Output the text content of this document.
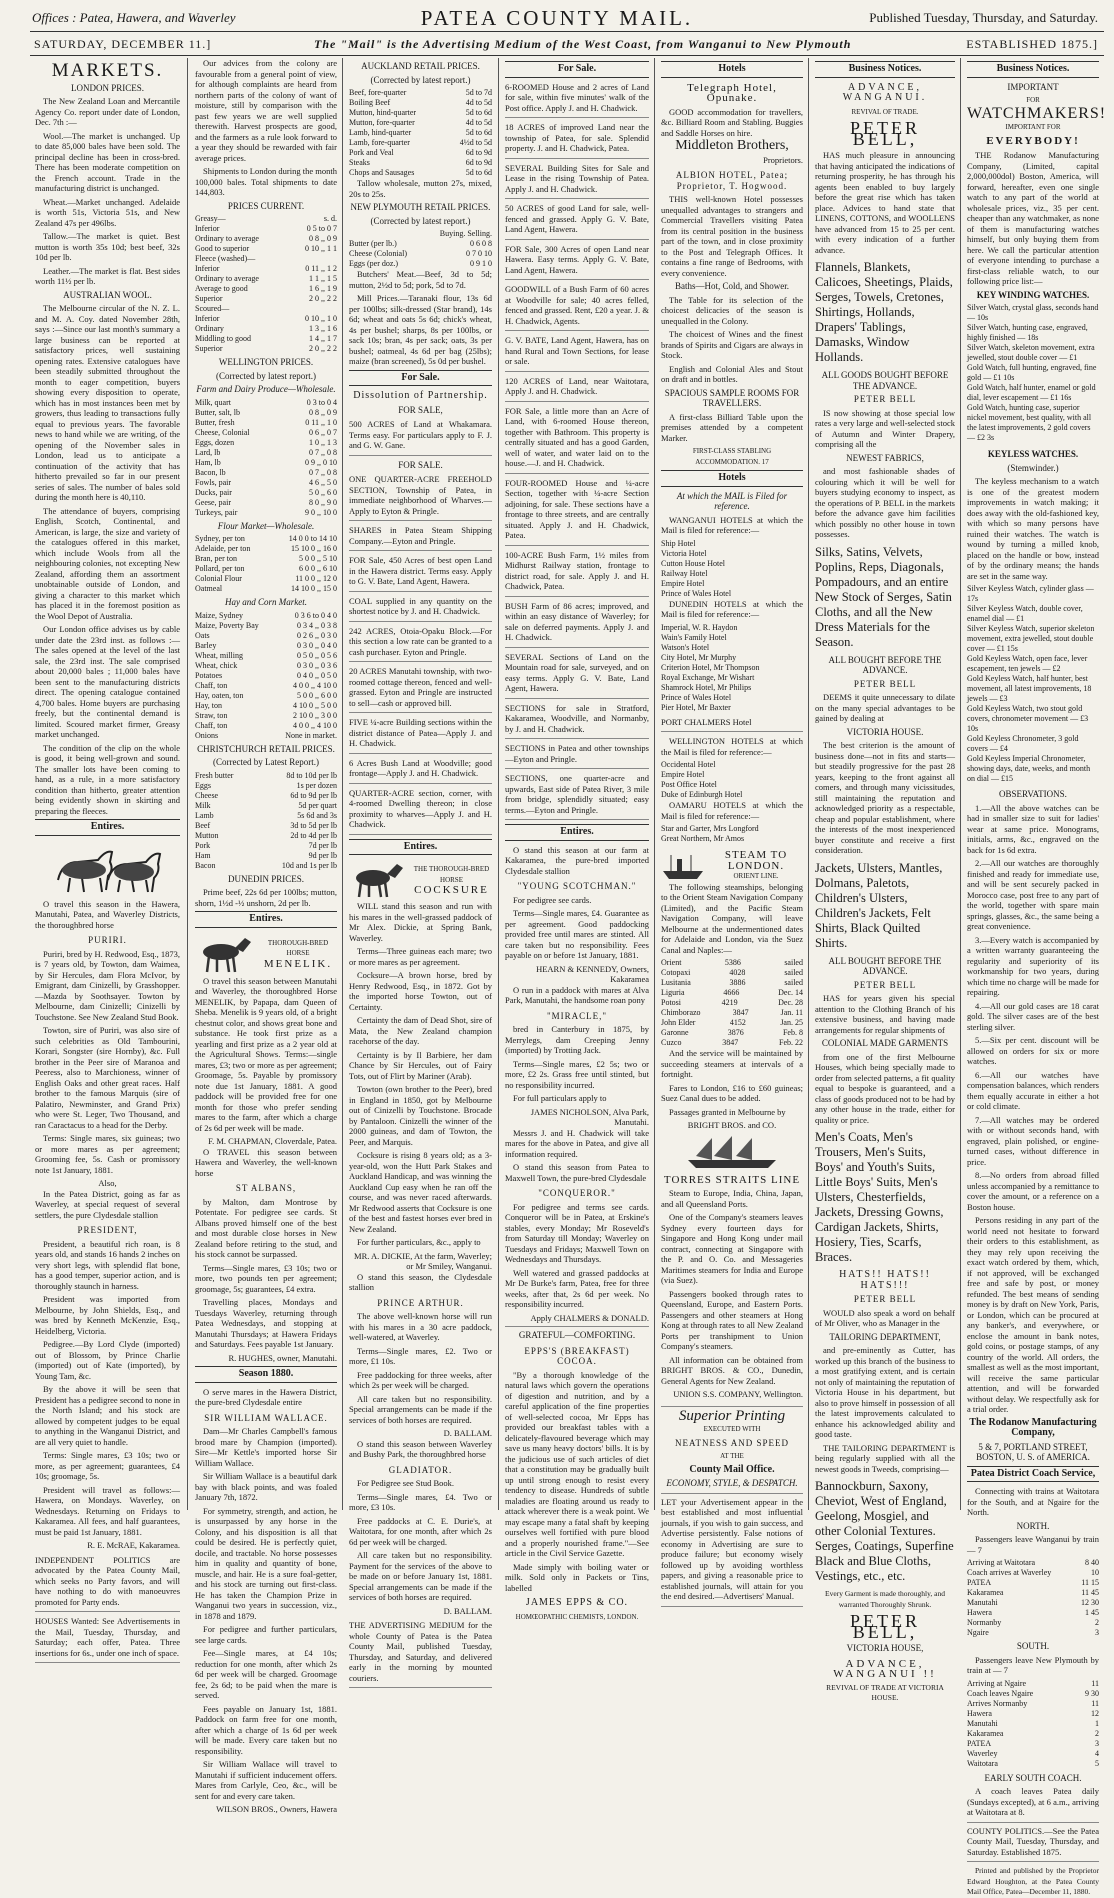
Offices : Patea, Hawera, and Waverley	PATEA COUNTY MAIL.	Published Tuesday, Thursday, and Saturday.
SATURDAY, DECEMBER 11.]	The "Mail" is the Advertising Medium of the West Coast, from Wanganui to New Plymouth	ESTABLISHED 1875.]
MARKETS.
LONDON PRICES.

The New Zealand Loan and Mercantile Agency Co. report under date of London, Dec. 7th :—

Wool.—The market is unchanged. Up to date 85,000 bales have been sold. The principal decline has been in cross-bred. There has been moderate competition on the French account. Trade in the manufacturing district is unchanged.

Wheat.—Market unchanged. Adelaide is worth 51s, Victoria 51s, and New Zealand 47s per 496lbs.

Tallow.—The market is quiet. Best mutton is worth 35s 10d; best beef, 32s 10d per lb.

Leather.—The market is flat. Best sides worth 11½ per lb.

AUSTRALIAN WOOL.

The Melbourne circular of the N. Z. L. and M. A. Coy. dated November 28th, says :—Since our last month's summary a large business can be reported at satisfactory prices, well sustaining opening rates. Extensive catalogues have been steadily submitted throughout the month to eager competition, buyers showing every disposition to operate, which has in most instances been met by growers, thus leading to transactions fully equal to previous years. The favorable news to hand while we are writing, of the opening of the November sales in London, lead us to anticipate a continuation of the activity that has hitherto prevailed so far in our present series of sales. The number of bales sold during the month here is 40,110.

The attendance of buyers, comprising English, Scotch, Continental, and American, is large, the size and variety of the catalogues offered in this market, which include Wools from all the neighbouring colonies, not excepting New Zealand, affording them an assortment unobtainable outside of London, and giving a character to this market which has placed it in the foremost position as the Wool Depot of Australia.

Our London office advises us by cable under date the 23rd inst. as follows :— The sales opened at the level of the last sale, the 23rd inst. The sale comprised about 20,000 bales ; 11,000 bales have been sent to the manufacturing districts direct. The opening catalogue contained 4,700 bales. Home buyers are purchasing freely, but the continental demand is limited. Scoured market firmer, Greasy market unchanged.

The condition of the clip on the whole is good, it being well-grown and sound. The smaller lots have been coming to hand, as a rule, in a more satisfactory condition than hitherto, greater attention being evidently shown in skirting and preparing the fleeces.

Entires.

O travel this season in the Hawera, Manutahi, Patea, and Waverley Districts, the thoroughbred horse

PURIRI.

Puriri, bred by H. Redwood, Esq., 1873, is 7 years old, by Towton, dam Waimea, by Sir Hercules, dam Flora McIvor, by Emigrant, dam Cinizelli, by Grasshopper. —Mazda by Soothsayer. Towton by Melbourne, dam Cinizelli; Cinizelli by Touchstone. See New Zealand Stud Book.

Towton, sire of Puriri, was also sire of such celebrities as Old Tambourini, Korari, Songster (sire Hornby), &c. Full brother in the Peer sire of Maranoa and Peeress, also to Marchioness, winner of English Oaks and other great races. Half brother to the famous Marquis (sire of Palatiro, Newminster, and Grand Prix) who were St. Leger, Two Thousand, and ran Caractacus to a head for the Derby.

Terms: Single mares, six guineas; two or more mares as per agreement; Grooming fee, 5s. Cash or promissory note 1st January, 1881.

Also,

In the Patea District, going as far as Waverley, at special request of several settlers, the pure Clydesdale stallion

PRESIDENT,

President, a beautiful rich roan, is 8 years old, and stands 16 hands 2 inches on very short legs, with splendid flat bone, has a good temper, superior action, and is thoroughly staunch in harness.

President was imported from Melbourne, by John Shields, Esq., and was bred by Kenneth McKenzie, Esq., Heidelberg, Victoria.

Pedigree.—By Lord Clyde (imported) out of Blossom, by Prince Charlie (imported) out of Kate (imported), by Young Tam, &c.

By the above it will be seen that President has a pedigree second to none in the North Island; and his stock are allowed by competent judges to be equal to anything in the Wanganui District, and are all very quiet to handle.

Terms: Single mares, £3 10s; two or more, as per agreement; guarantees, £4 10s; groomage, 5s.

President will travel as follows:— Hawera, on Mondays. Waverley, on Wednesdays. Returning on Fridays to Kakaramea. All fees, and half guarantees, must be paid 1st January, 1881.

R. E. McRAE, Kakaramea.
INDEPENDENT POLITICS are advocated by the Patea County Mail, which seeks no Party favors, and will have nothing to do with manoeuvres promoted for Party ends.
HOUSES Wanted: See Advertisements in the Mail, Tuesday, Thursday, and Saturday; each offer, Patea. Three insertions for 6s., under one inch of space.

Our advices from the colony are favourable from a general point of view, for although complaints are heard from northern parts of the colony of want of moisture, still by comparison with the past few years we are well supplied therewith. Harvest prospects are good, and the farmers as a rule look forward to a year they should be rewarded with fair average prices.

Shipments to London during the month 100,000 bales. Total shipments to date 144,803.

PRICES CURRENT.
Greasy—	s. d.
Inferior	0 5 to 0 7
Ordinary to average	0 8 ,, 0 9
Good to superior	0 10 ,, 1 1
Fleece (washed)—
Inferior	0 11 ,, 1 2
Ordinary to average	1 1 ,, 1 5
Average to good	1 6 ,, 1 9
Superior	2 0 ,, 2 2
Scoured—
Inferior	0 10 ,, 1 0
Ordinary	1 3 ,, 1 6
Middling to good	1 4 ,, 1 7
Superior	2 0 ,, 2 2
WELLINGTON PRICES.
(Corrected by latest report.)
Farm and Dairy Produce—Wholesale.
Milk, quart	0 3 to 0 4
Butter, salt, lb	0 8 ,, 0 9
Butter, fresh	0 11 ,, 1 0
Cheese, Colonial	0 6 ,, 0 7
Eggs, dozen	1 0 ,, 1 3
Lard, lb	0 7 ,, 0 8
Ham, lb	0 9 ,, 0 10
Bacon, lb	0 7 ,, 0 8
Fowls, pair	4 6 ,, 5 0
Ducks, pair	5 0 ,, 6 0
Geese, pair	8 0 ,, 9 0
Turkeys, pair	9 0 ,, 10 0
Flour Market—Wholesale.
Sydney, per ton	14 0 0 to 14 10
Adelaide, per ton	15 10 0 ,, 16 0
Bran, per ton	5 0 0 ,, 5 10
Pollard, per ton	6 0 0 ,, 6 10
Colonial Flour	11 0 0 ,, 12 0
Oatmeal	14 10 0 ,, 15 0
Hay and Corn Market.
Maize, Sydney	0 3 6 to 0 4 0
Maize, Poverty Bay	0 3 4 ,, 0 3 8
Oats	0 2 6 ,, 0 3 0
Barley	0 3 0 ,, 0 4 0
Wheat, milling	0 5 0 ,, 0 5 6
Wheat, chick	0 3 0 ,, 0 3 6
Potatoes	0 4 0 ,, 0 5 0
Chaff, ton	4 0 0 ,, 4 10 0
Hay, oaten, ton	5 0 0 ,, 6 0 0
Hay, ton	4 10 0 ,, 5 0 0
Straw, ton	2 10 0 ,, 3 0 0
Chaff, ton	4 0 0 ,, 4 10 0
Onions	None in market.
CHRISTCHURCH RETAIL PRICES.
(Corrected by Latest Report.)
Fresh butter	8d to 10d per lb
Eggs	1s per dozen
Cheese	6d to 9d per lb
Milk	5d per quart
Lamb	5s 6d and 3s
Beef	3d to 5d per lb
Mutton	2d to 4d per lb
Pork	7d per lb
Ham	9d per lb
Bacon	10d and 1s per lb
DUNEDIN PRICES.

Prime beef, 22s 6d per 100lbs; mutton, shorn, 1½d -½ unshorn, 2d per lb.

Entires.
THOROUGH-BRED HORSE
MENELIK.

O travel this season between Manutahi and Waverley, the thoroughbred Horse MENELIK, by Papapa, dam Queen of Sheba. Menelik is 9 years old, of a bright chestnut color, and shows great bone and substance. He took first prize as a yearling and first prize as a 2 year old at the Agricultural Shows. Terms:—single mares, £3; two or more as per agreement; Groomage, 5s. Payable by promissory note due 1st January, 1881. A good paddock will be provided free for one month for those who prefer sending mares to the farm, after which a charge of 2s 6d per week will be made.

F. M. CHAPMAN, Cloverdale, Patea.

O TRAVEL this season between Hawera and Waverley, the well-known horse

ST ALBANS,

by Malton, dam Montrose by Potentate. For pedigree see cards. St Albans proved himself one of the best and most durable close horses in New Zealand before retiring to the stud, and his stock cannot be surpassed.

Terms—Single mares, £3 10s; two or more, two pounds ten per agreement; groomage, 5s; guarantees, £4 extra.

Travelling places, Mondays and Tuesdays Waverley, returning through Patea Wednesdays, and stopping at Manutahi Thursdays; at Hawera Fridays and Saturdays. Fees payable 1st January.

R. HUGHES, owner, Manutahi.
Season 1880.

O serve mares in the Hawera District, the pure-bred Clydesdale entire

SIR WILLIAM WALLACE.

Dam—Mr Charles Campbell's famous brood mare by Champion (imported). Sire—Mr Kettle's imported horse Sir William Wallace.

Sir William Wallace is a beautiful dark bay with black points, and was foaled January 7th, 1872.

For symmetry, strength, and action, he is unsurpassed by any horse in the Colony, and his disposition is all that could be desired. He is perfectly quiet, docile, and tractable. No horse possesses him in quality and quantity of bone, muscle, and hair. He is a sure foal-getter, and his stock are turning out first-class. He has taken the Champion Prize in Wanganui two years in succession, viz., in 1878 and 1879.

For pedigree and further particulars, see large cards.

Fee—Single mares, at £4 10s; reduction for one month, after which 2s 6d per week will be charged. Groomage fee, 2s 6d; to be paid when the mare is served.

Fees payable on January 1st, 1881. Paddock on farm free for one month, after which a charge of 1s 6d per week will be made. Every care taken but no responsibility.

Sir William Wallace will travel to Manutahi if sufficient inducement offers. Mares from Carlyle, Ceo, &c., will be sent for and every care taken.

WILSON BROS., Owners, Hawera
AUCKLAND RETAIL PRICES.
(Corrected by latest report.)
Beef, fore-quarter	5d to 7d
Boiling Beef	4d to 5d
Mutton, hind-quarter	5d to 6d
Mutton, fore-quarter	4d to 5d
Lamb, hind-quarter	5d to 6d
Lamb, fore-quarter	4½d to 5d
Pork and Veal	6d to 9d
Steaks	6d to 9d
Chops and Sausages	5d to 6d

Tallow wholesale, mutton 27s, mixed, 20s to 25s.

NEW PLYMOUTH RETAIL PRICES.
(Corrected by latest report.)
Buying. Selling.
Butter (per lb.)	0 6 0 8
Cheese (Colonial)	0 7 0 10
Eggs (per doz.)	0 9 1 0

Butchers' Meat.—Beef, 3d to 5d; mutton, 2½d to 5d; pork, 5d to 7d.

Mill Prices.—Taranaki flour, 13s 6d per 100lbs; silk-dressed (Star brand), 14s 6d; wheat and oats 5s 6d; chick's wheat, 4s per bushel; sharps, 8s per 100lbs, or sack 10s; bran, 4s per sack; oats, 3s per bushel; oatmeal, 4s 6d per bag (25lbs); maize (bran screened), 5s 0d per bushel.

For Sale.
Dissolution of Partnership.
FOR SALE,
500 ACRES of Land at Whakamara. Terms easy. For particulars apply to F. J. and G. W. Gane.
FOR SALE.
ONE QUARTER-ACRE FREEHOLD SECTION, Township of Patea, in immediate neighborhood of Wharves.—Apply to Eyton & Pringle.
SHARES in Patea Steam Shipping Company.—Eyton and Pringle.
FOR Sale, 450 Acres of best open Land in the Hawera district. Terms easy. Apply to G. V. Bate, Land Agent, Hawera.
COAL supplied in any quantity on the shortest notice by J. and H. Chadwick.
242 ACRES, Otoia-Opaku Block.—For this section a low rate can be granted to a cash purchaser. Eyton and Pringle.
20 ACRES Manutahi township, with two-roomed cottage thereon, fenced and well-grassed. Eyton and Pringle are instructed to sell—cash or approved bill.
FIVE ¼-acre Building sections within the district distance of Patea—Apply J. and H. Chadwick.
6 Acres Bush Land at Woodville; good frontage—Apply J. and H. Chadwick.
QUARTER-ACRE section, corner, with 4-roomed Dwelling thereon; in close proximity to wharves—Apply J. and H. Chadwick.
Entires.
THE THOROUGH-BRED HORSE
COCKSURE

WILL stand this season and run with his mares in the well-grassed paddock of Mr Alex. Dickie, at Spring Bank, Waverley.

Terms—Three guineas each mare; two or more mares as per agreement.

Cocksure—A brown horse, bred by Henry Redwood, Esq., in 1872. Got by the imported horse Towton, out of Certainty.

Certainty the dam of Dead Shot, sire of Mata, the New Zealand champion racehorse of the day.

Certainty is by Il Barbiere, her dam Chance by Sir Hercules, out of Fairy Tots, out of Flirt by Mariner (Arab).

Towton (own brother to the Peer), bred in England in 1850, got by Melbourne out of Cinizelli by Touchstone. Brocade by Pantaloon. Cinizelli the winner of the 2000 guineas, and dam of Towton, the Peer, and Marquis.

Cocksure is rising 8 years old; as a 3-year-old, won the Hutt Park Stakes and Auckland Handicap, and was winning the Auckland Cup easy when he ran off the course, and was never raced afterwards. Mr Redwood asserts that Cocksure is one of the best and fastest horses ever bred in New Zealand.

For further particulars, &c., apply to

MR. A. DICKIE, At the farm, Waverley; or Mr Smiley, Wanganui.

O stand this season, the Clydesdale stallion

PRINCE ARTHUR.

The above well-known horse will run with his mares in a 30 acre paddock, well-watered, at Waverley.

Terms—Single mares, £2. Two or more, £1 10s.

Free paddocking for three weeks, after which 2s per week will be charged.

All care taken but no responsibility. Special arrangements can be made if the services of both horses are required.

D. BALLAM.

O stand this season between Waverley and Bushy Park, the thoroughbred horse

GLADIATOR.

For Pedigree see Stud Book.

Terms—Single mares, £4. Two or more, £3 10s.

Free paddocks at C. E. Durie's, at Waitotara, for one month, after which 2s 6d per week will be charged.

All care taken but no responsibility. Payment for the services of the above to be made on or before January 1st, 1881. Special arrangements can be made if the services of both horses are required.

D. BALLAM.
THE ADVERTISING MEDIUM for the whole County of Patea is the Patea County Mail, published Tuesday, Thursday, and Saturday, and delivered early in the morning by mounted couriers.
For Sale.
6-ROOMED House and 2 acres of Land for sale, within five minutes' walk of the Post office. Apply J. and H. Chadwick.
18 ACRES of improved Land near the township of Patea, for sale. Splendid property. J. and H. Chadwick, Patea.
SEVERAL Building Sites for Sale and Lease in the rising Township of Patea. Apply J. and H. Chadwick.
50 ACRES of good Land for sale, well-fenced and grassed. Apply G. V. Bate, Land Agent, Hawera.
FOR Sale, 300 Acres of open Land near Hawera. Easy terms. Apply G. V. Bate, Land Agent, Hawera.
GOODWILL of a Bush Farm of 60 acres at Woodville for sale; 40 acres felled, fenced and grassed. Rent, £20 a year. J. & H. Chadwick, Agents.
G. V. BATE, Land Agent, Hawera, has on hand Rural and Town Sections, for lease or sale.
120 ACRES of Land, near Waitotara, Apply J. and H. Chadwick.
FOR Sale, a little more than an Acre of Land, with 6-roomed House thereon, together with Bathroom. This property is centrally situated and has a good Garden, well of water, and water laid on to the house.—J. and H. Chadwick.
FOUR-ROOMED House and ¼-acre Section, together with ¼-acre Section adjoining, for sale. These sections have a frontage to three streets, and are centrally situated. Apply J. and H. Chadwick, Patea.
100-ACRE Bush Farm, 1½ miles from Midhurst Railway station, frontage to district road, for sale. Apply J. and H. Chadwick, Patea.
BUSH Farm of 86 acres; improved, and within an easy distance of Waverley; for sale on deferred payments. Apply J. and H. Chadwick.
SEVERAL Sections of Land on the Mountain road for sale, surveyed, and on easy terms. Apply G. V. Bate, Land Agent, Hawera.
SECTIONS for sale in Stratford, Kakaramea, Woodville, and Normanby, by J. and H. Chadwick.
SECTIONS in Patea and other townships—Eyton and Pringle.
SECTIONS, one quarter-acre and upwards, East side of Patea River, 3 mile from bridge, splendidly situated; easy terms.—Eyton and Pringle.
Entires.

O stand this season at our farm at Kakaramea, the pure-bred imported Clydesdale stallion

"YOUNG SCOTCHMAN."

For pedigree see cards.

Terms—Single mares, £4. Guarantee as per agreement. Good paddocking provided free until mares are stinted. All care taken but no responsibility. Fees payable on or before 1st January, 1881.

HEARN & KENNEDY, Owners, Kakaramea

O run in a paddock with mares at Alva Park, Manutahi, the handsome roan pony

"MIRACLE,"

bred in Canterbury in 1875, by Merrylegs, dam Creeping Jenny (imported) by Trotting Jack.

Terms—Single mares, £2 5s; two or more, £2 2s. Grass free until stinted, but no responsibility incurred.

For full particulars apply to

JAMES NICHOLSON, Alva Park, Manutahi.

Messrs J. and H. Chadwick will take mares for the above in Patea, and give all information required.

O stand this season from Patea to Maxwell Town, the pure-bred Clydesdale

"CONQUEROR."

For pedigree and terms see cards. Conqueror will be in Patea, at Erskine's stables, every Monday; Mr Roseveld's from Saturday till Monday; Waverley on Tuesdays and Fridays; Maxwell Town on Wednesdays and Thursdays.

Well watered and grassed paddocks at Mr De Burke's farm, Patea, free for three weeks, after that, 2s 6d per week. No responsibility incurred.

Apply CHALMERS & DONALD.
GRATEFUL—COMFORTING.
EPPS'S (BREAKFAST) COCOA.

"By a thorough knowledge of the natural laws which govern the operations of digestion and nutrition, and by a careful application of the fine properties of well-selected cocoa, Mr Epps has provided our breakfast tables with a delicately-flavoured beverage which may save us many heavy doctors' bills. It is by the judicious use of such articles of diet that a constitution may be gradually built up until strong enough to resist every tendency to disease. Hundreds of subtle maladies are floating around us ready to attack wherever there is a weak point. We may escape many a fatal shaft by keeping ourselves well fortified with pure blood and a properly nourished frame."—See article in the Civil Service Gazette.

Made simply with boiling water or milk. Sold only in Packets or Tins, labelled

JAMES EPPS & CO.
HOMŒOPATHIC CHEMISTS, LONDON.
Hotels
Telegraph Hotel, Opunake.

GOOD accommodation for travellers, &c. Billiard Room and Stabling. Buggies and Saddle Horses on hire.

Middleton Brothers,
Proprietors.
ALBION HOTEL, Patea; Proprietor, T. Hogwood.

THIS well-known Hotel possesses unequalled advantages to strangers and Commercial Travellers visiting Patea from its central position in the business part of the town, and in close proximity to the Post and Telegraph Offices. It contains a fine range of Bedrooms, with every convenience.

Baths—Hot, Cold, and Shower.

The Table for its selection of the choicest delicacies of the season is unequalled in the Colony.

The choicest of Wines and the finest brands of Spirits and Cigars are always in Stock.

English and Colonial Ales and Stout on draft and in bottles.

SPACIOUS SAMPLE ROOMS FOR TRAVELLERS.

A first-class Billiard Table upon the premises attended by a competent Marker.

FIRST-CLASS STABLING ACCOMMODATION. 17
Hotels
At which the MAIL is Filed for reference.

WANGANUI HOTELS at which the Mail is filed for reference:—

Ship Hotel
Victoria Hotel
Cutton House Hotel
Railway Hotel
Empire Hotel
Prince of Wales Hotel

DUNEDIN HOTELS at which the Mail is filed for reference:—

Imperial, W. R. Haydon
Wain's Family Hotel
Watson's Hotel
City Hotel, Mr Murphy
Criterion Hotel, Mr Thompson
Royal Exchange, Mr Wishart
Shamrock Hotel, Mr Philips
Prince of Wales Hotel
Pier Hotel, Mr Baxter
PORT CHALMERS Hotel

WELLINGTON HOTELS at which the Mail is filed for reference:—

Occidental Hotel
Empire Hotel
Post Office Hotel
Duke of Edinburgh Hotel

OAMARU HOTELS at which the Mail is filed for reference:—

Star and Garter, Mrs Longford
Great Northern, Mr Amos
STEAM TO LONDON.
ORIENT LINE.

The following steamships, belonging to the Orient Steam Navigation Company (Limited), and the Pacific Steam Navigation Company, will leave Melbourne at the undermentioned dates for Adelaide and London, via the Suez Canal and Naples:—

Orient	5386	sailed
Cotopaxi	4028	sailed
Lusitania	3886	sailed
Liguria	4666	Dec. 14
Potosi	4219	Dec. 28
Chimborazo	3847	Jan. 11
John Elder	4152	Jan. 25
Garonne	3876	Feb. 8
Cuzco	3847	Feb. 22

And the service will be maintained by succeeding steamers at intervals of a fortnight.

Fares to London, £16 to £60 guineas; Suez Canal dues to be added.

Passages granted in Melbourne by

BRIGHT BROS. and CO.
TORRES STRAITS LINE

Steam to Europe, India, China, Japan, and all Queensland Ports.

One of the Company's steamers leaves Sydney every fourteen days for Singapore and Hong Kong under mail contract, connecting at Singapore with the P. and O. Co. and Messageries Maritimes steamers for India and Europe (via Suez).

Passengers booked through rates to Queensland, Europe, and Eastern Ports. Passengers and other steamers at Hong Kong at through rates to all New Zealand Ports per transhipment to Union Company's steamers.

All information can be obtained from BRIGHT BROS. & CO., Dunedin, General Agents for New Zealand.

UNION S.S. COMPANY, Wellington.
Superior Printing
EXECUTED WITH
NEATNESS AND SPEED
AT THE
County Mail Office.
ECONOMY, STYLE, & DESPATCH.
LET your Advertisement appear in the best established and most influential journals, if you wish to gain success, and Advertise persistently. False notions of economy in Advertising are sure to produce failure; but economy wisely followed up by avoiding worthless papers, and giving a reasonable price to established journals, will attain for you the end desired.—Advertisers' Manual.
Business Notices.
ADVANCE, WANGANUI.
REVIVAL OF TRADE.
PETER BELL,

HAS much pleasure in announcing that having anticipated the indications of returning prosperity, he has through his agents been enabled to buy largely before the great rise which has taken place. Advices to hand state that LINENS, COTTONS, and WOOLLENS have advanced from 15 to 25 per cent. with every indication of a further advance.

Flannels, Blankets, Calicoes, Sheetings, Plaids, Serges, Towels, Cretones, Shirtings, Hollands, Drapers' Tablings, Damasks, Window Hollands.
ALL GOODS BOUGHT BEFORE THE ADVANCE.
PETER BELL

IS now showing at those special low rates a very large and well-selected stock of Autumn and Winter Drapery, comprising all the

NEWEST FABRICS,

and most fashionable shades of colouring which it will be well for buyers studying economy to inspect, as the operations of P. BELL in the markets before the advance gave him facilities which possibly no other house in town possesses.

Silks, Satins, Velvets, Poplins, Reps, Diagonals, Pompadours, and an entire New Stock of Serges, Satin Cloths, and all the New Dress Materials for the Season.
ALL BOUGHT BEFORE THE ADVANCE.
PETER BELL

DEEMS it quite unnecessary to dilate on the many special advantages to be gained by dealing at

VICTORIA HOUSE.

The best criterion is the amount of business done—not in fits and starts—but steadily progressive for the past 28 years, keeping to the front against all comers, and through many vicissitudes, still maintaining the reputation and acknowledged priority as a respectable, cheap and popular establishment, where the interests of the most inexperienced buyer constitute and receive a first consideration.

Jackets, Ulsters, Mantles, Dolmans, Paletots, Children's Ulsters, Children's Jackets, Felt Shirts, Black Quilted Shirts.
ALL BOUGHT BEFORE THE ADVANCE.
PETER BELL

HAS for years given his special attention to the Clothing Branch of his extensive business, and having made arrangements for regular shipments of

COLONIAL MADE GARMENTS

from one of the first Melbourne Houses, which being specially made to order from selected patterns, a fit quality equal to bespoke is guaranteed, and a class of goods produced not to be had by any other house in the trade, either for quality or price.

Men's Coats, Men's Trousers, Men's Suits, Boys' and Youth's Suits, Little Boys' Suits, Men's Ulsters, Chesterfields, Jackets, Dressing Gowns, Cardigan Jackets, Shirts, Hosiery, Ties, Scarfs, Braces.
HATS!! HATS!! HATS!!!
PETER BELL

WOULD also speak a word on behalf of Mr Oliver, who as Manager in the

TAILORING DEPARTMENT,

and pre-eminently as Cutter, has worked up this branch of the business to a most gratifying extent, and is certain not only of maintaining the reputation of Victoria House in his department, but also to prove himself in possession of all the latest improvements calculated to enhance his acknowledged ability and good taste.

THE TAILORING DEPARTMENT is being regularly supplied with all the newest goods in Tweeds, comprising—

Bannockburn, Saxony, Cheviot, West of England, Geelong, Mosgiel, and other Colonial Textures. Serges, Coatings, Superfine Black and Blue Cloths, Vestings, etc., etc.
Every Garment is made thoroughly, and warranted Thoroughly Shrunk.
PETER BELL,
VICTORIA HOUSE,
ADVANCE, WANGANUI !!
REVIVAL OF TRADE AT VICTORIA HOUSE.
Business Notices.
IMPORTANT
FOR
WATCHMAKERS!
IMPORTANT FOR
EVERYBODY!

THE Rodanow Manufacturing Company, (Limited, capital 2,000,000dol) Boston, America, will forward, hereafter, even one single watch to any part of the world at wholesale prices, viz., 35 per cent. cheaper than any watchmaker, as none of them is manufacturing watches himself, but only buying them from here. We call the particular attention of everyone intending to purchase a first-class reliable watch, to our following price list:—

KEY WINDING WATCHES.
Silver Watch, crystal glass, seconds hand — 10s
Silver Watch, hunting case, engraved, highly finished — 18s
Silver Watch, skeleton movement, extra jewelled, stout double cover — £1
Gold Watch, full hunting, engraved, fine gold — £1 10s
Gold Watch, half hunter, enamel or gold dial, lever escapement — £1 16s
Gold Watch, hunting case, superior nickel movement, best quality, with all the latest improvements, 2 gold covers — £2 3s
KEYLESS WATCHES.
(Stemwinder.)

The keyless mechanism to a watch is one of the greatest modern improvements in watch making; it does away with the old-fashioned key, with which so many persons have ruined their watches. The watch is wound by turning a milled knob, placed on the handle or bow, instead of by the ordinary means; the hands are set in the same way.

Silver Keyless Watch, cylinder glass — 17s
Silver Keyless Watch, double cover, enamel dial — £1
Silver Keyless Watch, superior skeleton movement, extra jewelled, stout double cover — £1 15s
Gold Keyless Watch, open face, lever escapement, ten jewels — £2
Gold Keyless Watch, half hunter, best movement, all latest improvements, 18 jewels — £3
Gold Keyless Watch, two stout gold covers, chronometer movement — £3 10s
Gold Keyless Chronometer, 3 gold covers — £4
Gold Keyless Imperial Chronometer, showing days, date, weeks, and month on dial — £15
OBSERVATIONS.

1.—All the above watches can be had in smaller size to suit for ladies' wear at same price. Monograms, initials, arms, &c., engraved on the back for 1s 6d extra.

2.—All our watches are thoroughly finished and ready for immediate use, and will be sent securely packed in Morocco case, post free to any part of the world, together with spare main springs, glasses, &c., the same being a great convenience.

3.—Every watch is accompanied by a written warranty guaranteeing the regularity and superiority of its workmanship for two years, during which time no charge will be made for repairing.

4.—All our gold cases are 18 carat gold. The silver cases are of the best sterling silver.

5.—Six per cent. discount will be allowed on orders for six or more watches.

6.—All our watches have compensation balances, which renders them equally accurate in either a hot or cold climate.

7.—All watches may be ordered with or without seconds hand, with engraved, plain polished, or engine-turned cases, without difference in price.

8.—No orders from abroad filled unless accompanied by a remittance to cover the amount, or a reference on a Boston house.

Persons residing in any part of the world need not hesitate to forward their orders to this establishment, as they may rely upon receiving the exact watch ordered by them, which, if not approved, will be exchanged free and safe by post, or money refunded. The best means of sending money is by draft on New York, Paris, or London, which can be procured at any banker's, and everywhere, or enclose the amount in bank notes, gold coins, or postage stamps, of any country of the world. All orders, the smallest as well as the most important, will receive the same particular attention, and will be forwarded without delay. We respectfully ask for a trial order.

The Rodanow Manufacturing Company,
5 & 7, PORTLAND STREET, BOSTON, U. S. of AMERICA.
Patea District Coach Service,

Connecting with trains at Waitotara for the South, and at Ngaire for the North.

NORTH.

Passengers leave Wanganui by train — 7

Arriving at Waitotara	8 40
Coach arrives at Waverley	10
PATEA	11 15
Kakaramea	11 45
Manutahi	12 30
Hawera	1 45
Normanby	2
Ngaire	3
SOUTH.

Passengers leave New Plymouth by train at — 7

Arriving at Ngaire	11
Coach leaves Ngaire	9 30
Arrives Normanby	11
Hawera	12
Manutahi	1
Kakaramea	2
PATEA	3
Waverley	4
Waitotara	5
EARLY SOUTH COACH.

A coach leaves Patea daily (Sundays excepted), at 6 a.m., arriving at Waitotara at 8.

COUNTY POLITICS.—See the Patea County Mail, Tuesday, Thursday, and Saturday. Established 1875.

Printed and published by the Proprietor Edward Houghton, at the Patea County Mail Office, Patea—December 11, 1880.
